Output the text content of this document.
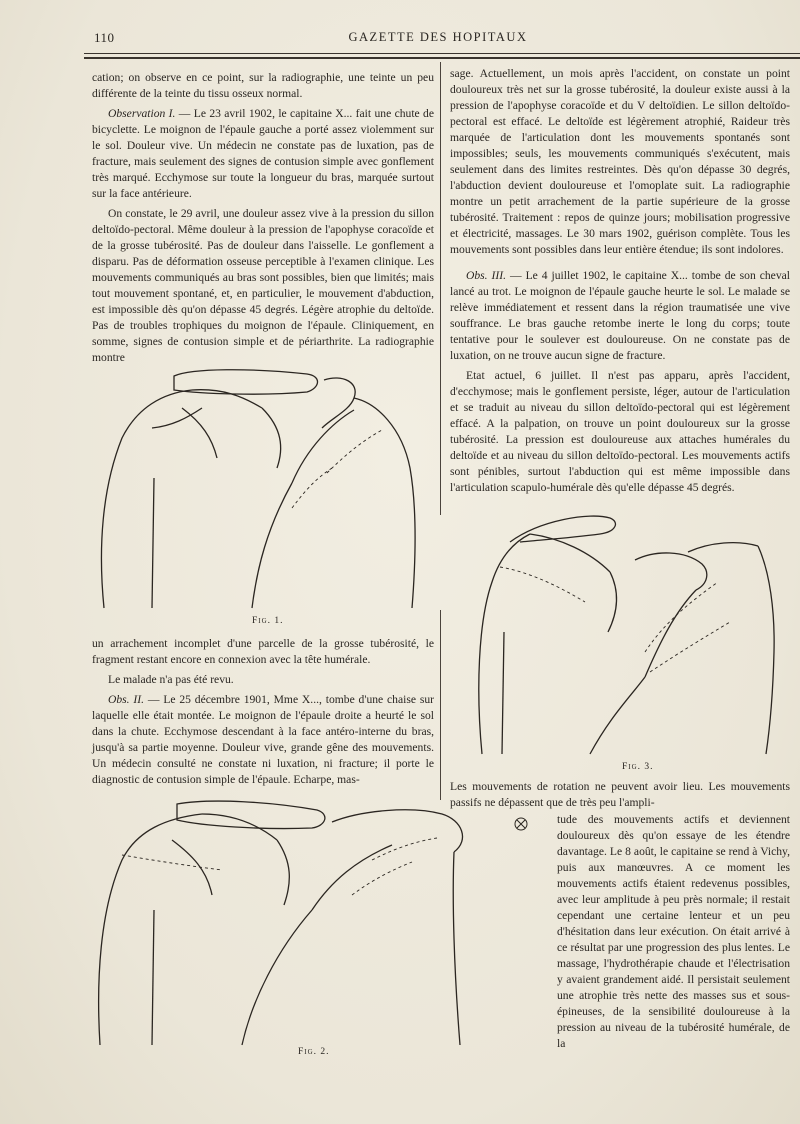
110	GAZETTE DES HOPITAUX

cation; on observe en ce point, sur la radiographie, une teinte un peu différente de la teinte du tissu osseux normal.

Observation I. — Le 23 avril 1902, le capitaine X... fait une chute de bicyclette. Le moignon de l'épaule gauche a porté assez violemment sur le sol. Douleur vive. Un médecin ne constate pas de luxation, pas de fracture, mais seulement des signes de contusion simple avec gonflement très marqué. Ecchymose sur toute la longueur du bras, marquée surtout sur la face antérieure.

On constate, le 29 avril, une douleur assez vive à la pression du sillon deltoïdo-pectoral. Même douleur à la pression de l'apophyse coracoïde et de la grosse tubérosité. Pas de douleur dans l'aisselle. Le gonflement a disparu. Pas de déformation osseuse perceptible à l'examen clinique. Les mouvements communiqués au bras sont possibles, bien que limités; mais tout mouvement spontané, et, en particulier, le mouvement d'abduction, est impossible dès qu'on dépasse 45 degrés. Légère atrophie du deltoïde. Pas de troubles trophiques du moignon de l'épaule. Cliniquement, en somme, signes de contusion simple et de périarthrite. La radiographie montre

Fig. 1.

un arrachement incomplet d'une parcelle de la grosse tubérosité, le fragment restant encore en connexion avec la tête humérale.

Le malade n'a pas été revu.

Obs. II. — Le 25 décembre 1901, Mme X..., tombe d'une chaise sur laquelle elle était montée. Le moignon de l'épaule droite a heurté le sol dans la chute. Ecchymose descendant à la face antéro-interne du bras, jusqu'à sa partie moyenne. Douleur vive, grande gêne des mouvements. Un médecin consulté ne constate ni luxation, ni fracture; il porte le diagnostic de contusion simple de l'épaule. Echarpe, mas-

Fig. 2.

sage. Actuellement, un mois après l'accident, on constate un point douloureux très net sur la grosse tubérosité, la douleur existe aussi à la pression de l'apophyse coracoïde et du V deltoïdien. Le sillon deltoïdo-pectoral est effacé. Le deltoïde est légèrement atrophié, Raideur très marquée de l'articulation dont les mouvements spontanés sont impossibles; seuls, les mouvements communiqués s'exécutent, mais seulement dans des limites restreintes. Dès qu'on dépasse 30 degrés, l'abduction devient douloureuse et l'omoplate suit. La radiographie montre un petit arrachement de la partie supérieure de la grosse tubérosité. Traitement : repos de quinze jours; mobilisation progressive et électricité, massages. Le 30 mars 1902, guérison complète. Tous les mouvements sont possibles dans leur entière étendue; ils sont indolores.

Obs. III. — Le 4 juillet 1902, le capitaine X... tombe de son cheval lancé au trot. Le moignon de l'épaule gauche heurte le sol. Le malade se relève immédiatement et ressent dans la région traumatisée une vive souffrance. Le bras gauche retombe inerte le long du corps; toute tentative pour le soulever est douloureuse. On ne constate pas de luxation, on ne trouve aucun signe de fracture.

Etat actuel, 6 juillet. Il n'est pas apparu, après l'accident, d'ecchymose; mais le gonflement persiste, léger, autour de l'articulation et se traduit au niveau du sillon deltoïdo-pectoral qui est légèrement effacé. A la palpation, on trouve un point douloureux sur la grosse tubérosité. La pression est douloureuse aux attaches humérales du deltoïde et au niveau du sillon deltoïdo-pectoral. Les mouvements actifs sont pénibles, surtout l'abduction qui est même impossible dans l'articulation scapulo-humérale dès qu'elle dépasse 45 degrés.

Fig. 3.

Les mouvements de rotation ne peuvent avoir lieu. Les mouvements passifs ne dépassent que de très peu l'ampli-

tude des mouvements actifs et deviennent douloureux dès qu'on essaye de les étendre davantage. Le 8 août, le capitaine se rend à Vichy, puis aux manœuvres. A ce moment les mouvements actifs étaient redevenus possibles, avec leur amplitude à peu près normale; il restait cependant une certaine lenteur et un peu d'hésitation dans leur exécution. On était arrivé à ce résultat par une progression des plus lentes. Le massage, l'hydrothérapie chaude et l'électrisation y avaient grandement aidé. Il persistait seulement une atrophie très nette des masses sus et sous-épineuses, de la sensibilité douloureuse à la pression au niveau de la tubérosité humérale, de la
